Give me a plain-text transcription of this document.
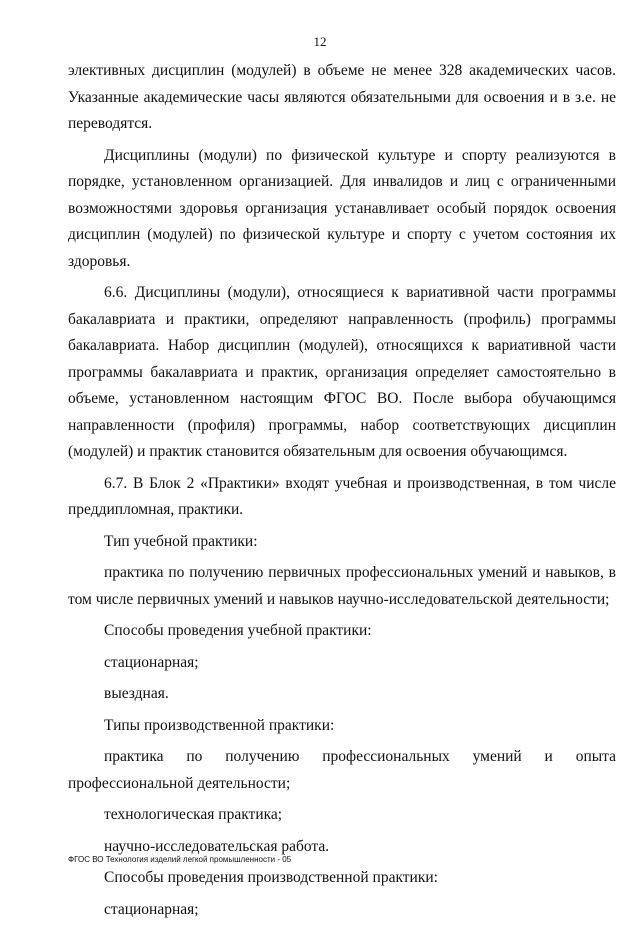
12

элективных дисциплин (модулей) в объеме не менее 328 академических часов. Указанные академические часы являются обязательными для освоения и в з.е. не переводятся.

Дисциплины (модули) по физической культуре и спорту реализуются в порядке, установленном организацией. Для инвалидов и лиц с ограниченными возможностями здоровья организация устанавливает особый порядок освоения дисциплин (модулей) по физической культуре и спорту с учетом состояния их здоровья.

6.6. Дисциплины (модули), относящиеся к вариативной части программы бакалавриата и практики, определяют направленность (профиль) программы бакалавриата. Набор дисциплин (модулей), относящихся к вариативной части программы бакалавриата и практик, организация определяет самостоятельно в объеме, установленном настоящим ФГОС ВО. После выбора обучающимся направленности (профиля) программы, набор соответствующих дисциплин (модулей) и практик становится обязательным для освоения обучающимся.

6.7. В Блок 2 «Практики» входят учебная и производственная, в том числе преддипломная, практики.

Тип учебной практики:

практика по получению первичных профессиональных умений и навыков, в том числе первичных умений и навыков научно-исследовательской деятельности;

Способы проведения учебной практики:

стационарная;

выездная.

Типы производственной практики:

практика по получению профессиональных умений и опыта профессиональной деятельности;

технологическая практика;

научно-исследовательская работа.

Способы проведения производственной практики:

стационарная;

ФГОС ВО Технология изделий легкой промышленности - 05
